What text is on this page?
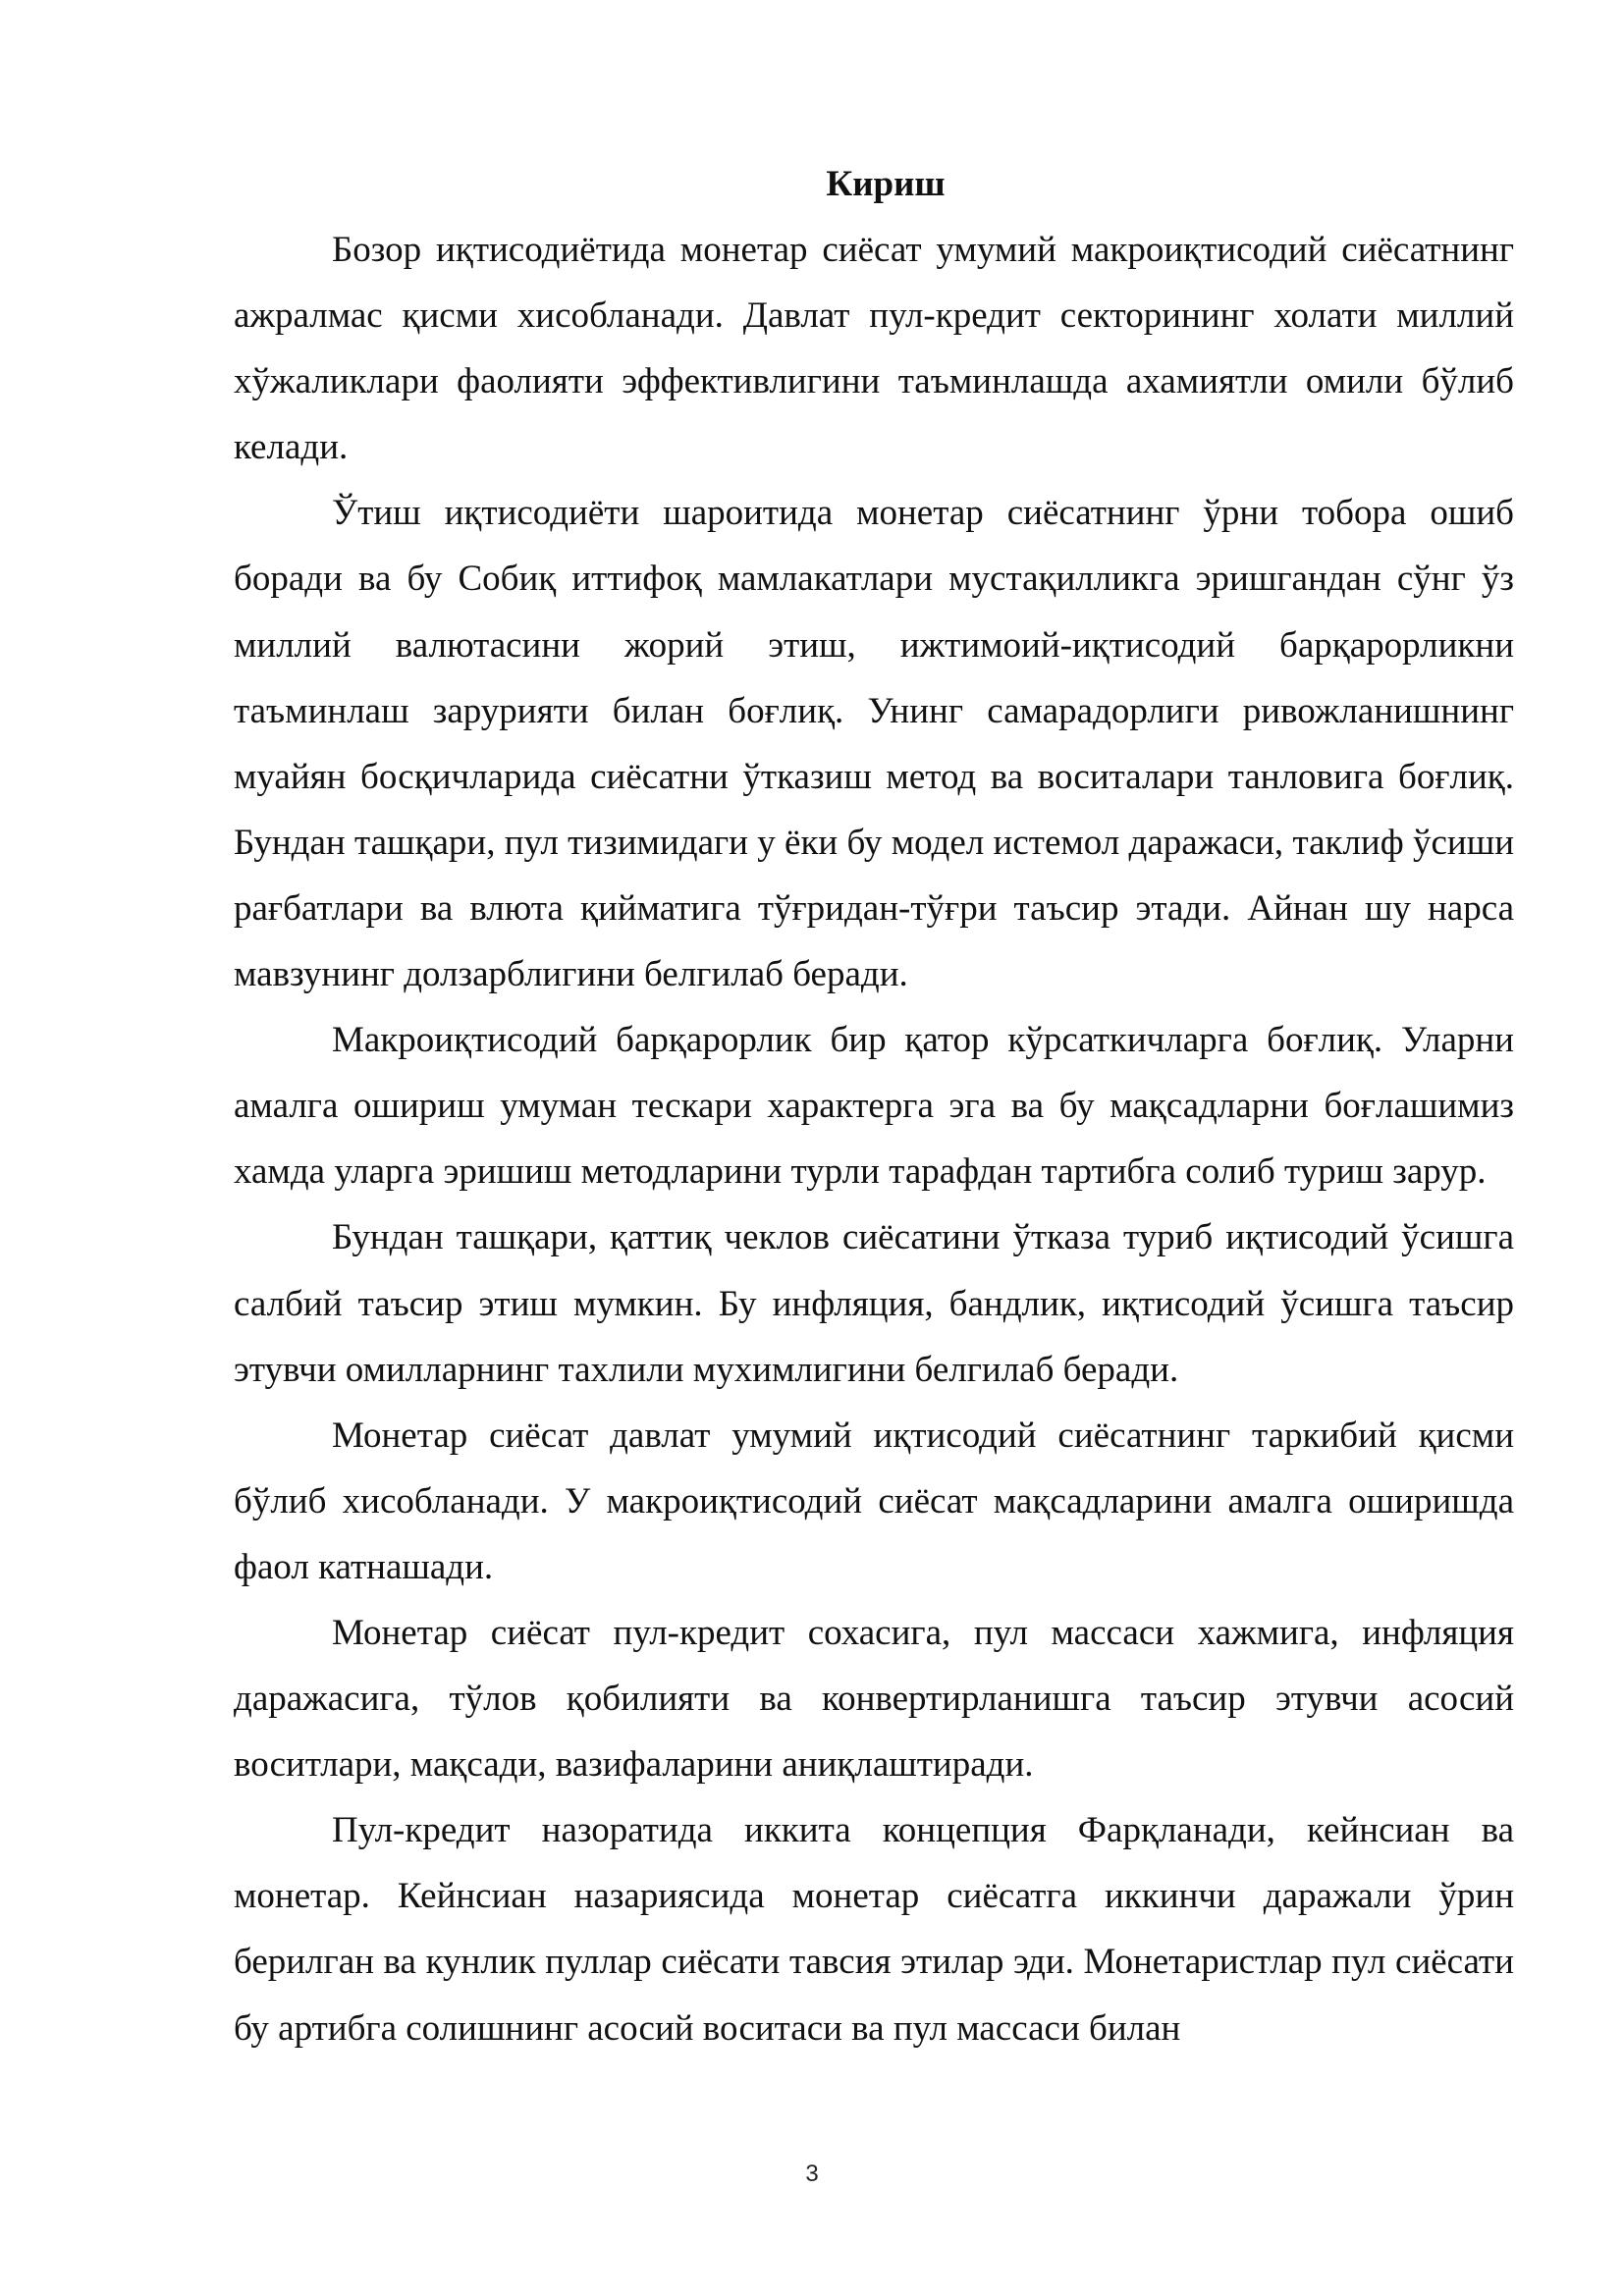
Кириш

Бозор иқтисодиётида монетар сиёсат умумий макроиқтисодий сиёсатнинг ажралмас қисми хисобланади. Давлат пул-кредит секторининг холати миллий хўжаликлари фаолияти эффективлигини таъминлашда ахамиятли омили бўлиб келади.

Ўтиш иқтисодиёти шароитида монетар сиёсатнинг ўрни тобора ошиб боради ва бу Собиқ иттифоқ мамлакатлари мустақилликга эришгандан сўнг ўз миллий валютасини жорий этиш, ижтимоий-иқтисодий барқарорликни таъминлаш зарурияти билан боғлиқ. Унинг самарадорлиги ривожланишнинг муайян босқичларида сиёсатни ўтказиш метод ва воситалари танловига боғлиқ. Бундан ташқари, пул тизимидаги у ёки бу модел истемол даражаси, таклиф ўсиши рағбатлари ва влюта қийматига тўғридан-тўғри таъсир этади. Айнан шу нарса мавзунинг долзарблигини белгилаб беради.

Макроиқтисодий барқарорлик бир қатор кўрсаткичларга боғлиқ. Уларни амалга ошириш умуман тескари характерга эга ва бу мақсадларни боғлашимиз хамда уларга эришиш методларини турли тарафдан тартибга солиб туриш зарур.

Бундан ташқари, қаттиқ чеклов сиёсатини ўтказа туриб иқтисодий ўсишга салбий таъсир этиш мумкин. Бу инфляция, бандлик, иқтисодий ўсишга таъсир этувчи омилларнинг тахлили мухимлигини белгилаб беради.

Монетар сиёсат давлат умумий иқтисодий сиёсатнинг таркибий қисми бўлиб хисобланади. У макроиқтисодий сиёсат мақсадларини амалга оширишда фаол катнашади.

Монетар сиёсат пул-кредит сохасига, пул массаси хажмига, инфляция даражасига, тўлов қобилияти ва конвертирланишга таъсир этувчи асосий воситлари, мақсади, вазифаларини аниқлаштиради.

Пул-кредит назоратида иккита концепция Фарқланади, кейнсиан ва монетар. Кейнсиан назариясида монетар сиёсатга иккинчи даражали ўрин берилган ва кунлик пуллар сиёсати тавсия этилар эди. Монетаристлар пул сиёсати бу артибга солишнинг асосий воситаси ва пул массаси билан

3
